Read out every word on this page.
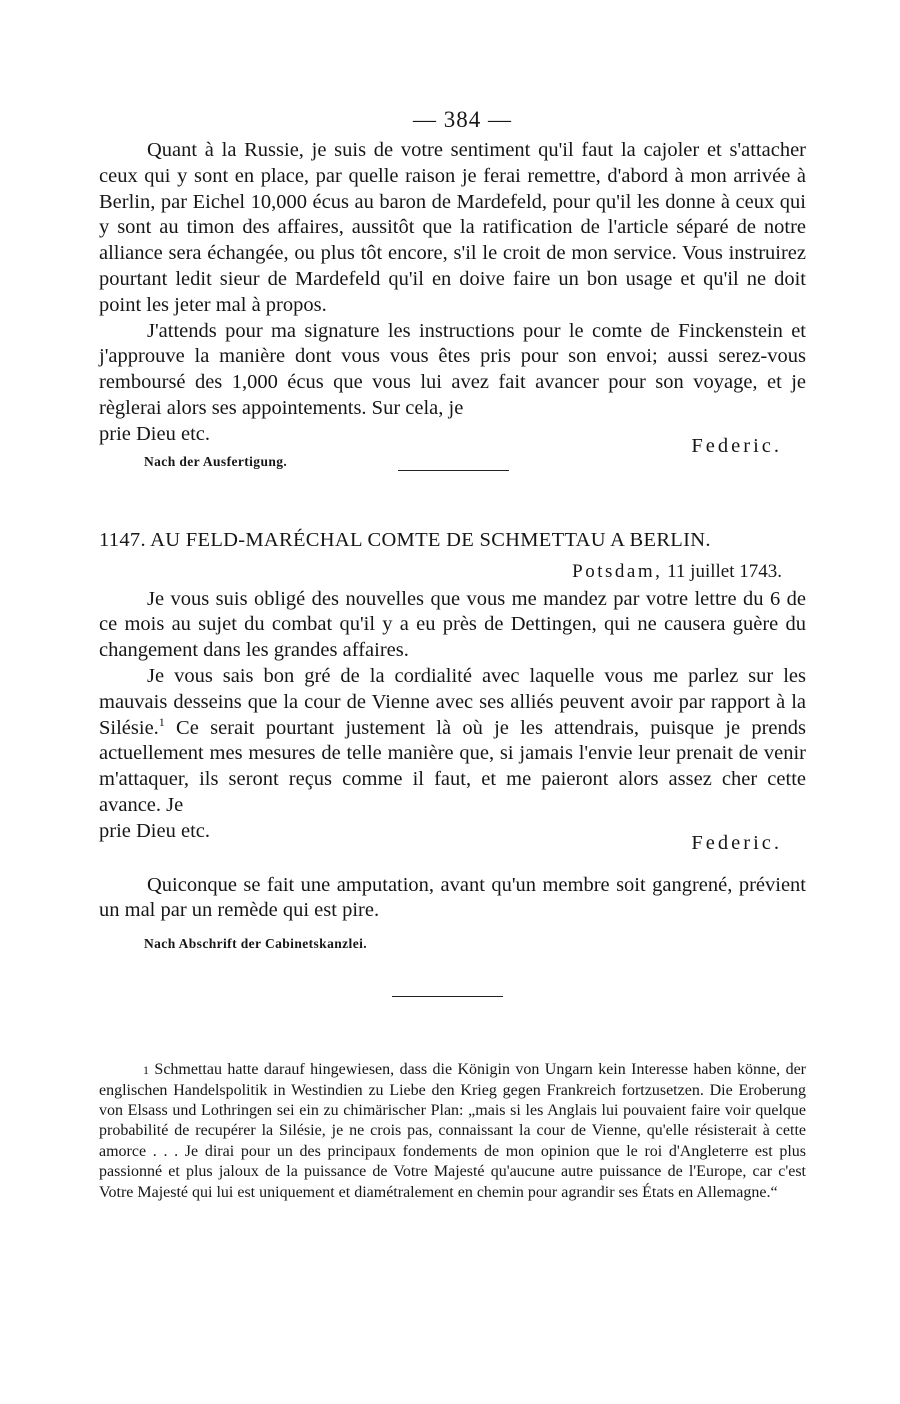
— 384 —

Quant à la Russie, je suis de votre sentiment qu'il faut la cajoler et s'attacher ceux qui y sont en place, par quelle raison je ferai remettre, d'abord à mon arrivée à Berlin, par Eichel 10,000 écus au baron de Mardefeld, pour qu'il les donne à ceux qui y sont au timon des affaires, aussitôt que la ratification de l'article séparé de notre alliance sera échangée, ou plus tôt encore, s'il le croit de mon service. Vous instruirez pourtant ledit sieur de Mardefeld qu'il en doive faire un bon usage et qu'il ne doit point les jeter mal à propos.

J'attends pour ma signature les instructions pour le comte de Finckenstein et j'approuve la manière dont vous vous êtes pris pour son envoi; aussi serez-vous remboursé des 1,000 écus que vous lui avez fait avancer pour son voyage, et je règlerai alors ses appointements. Sur cela, je

prie Dieu etc.
Federic.
Nach der Ausfertigung.
1147. AU FELD-MARÉCHAL COMTE DE SCHMETTAU A BERLIN.
Potsdam, 11 juillet 1743.

Je vous suis obligé des nouvelles que vous me mandez par votre lettre du 6 de ce mois au sujet du combat qu'il y a eu près de Dettingen, qui ne causera guère du changement dans les grandes affaires.

Je vous sais bon gré de la cordialité avec laquelle vous me parlez sur les mauvais desseins que la cour de Vienne avec ses alliés peuvent avoir par rapport à la Silésie.$^1$ Ce serait pourtant justement là où je les attendrais, puisque je prends actuellement mes mesures de telle manière que, si jamais l'envie leur prenait de venir m'attaquer, ils seront reçus comme il faut, et me paieront alors assez cher cette avance. Je

prie Dieu etc.
Federic.

Quiconque se fait une amputation, avant qu'un membre soit gangrené, prévient un mal par un remède qui est pire.

Nach Abschrift der Cabinetskanzlei.

1 Schmettau hatte darauf hingewiesen, dass die Königin von Ungarn kein Interesse haben könne, der englischen Handelspolitik in Westindien zu Liebe den Krieg gegen Frankreich fortzusetzen. Die Eroberung von Elsass und Lothringen sei ein zu chimärischer Plan: „mais si les Anglais lui pouvaient faire voir quelque probabilité de recupérer la Silésie, je ne crois pas, connaissant la cour de Vienne, qu'elle résisterait à cette amorce . . . Je dirai pour un des principaux fondements de mon opinion que le roi d'Angleterre est plus passionné et plus jaloux de la puissance de Votre Majesté qu'aucune autre puissance de l'Europe, car c'est Votre Majesté qui lui est uniquement et diamétralement en chemin pour agrandir ses États en Allemagne.“
